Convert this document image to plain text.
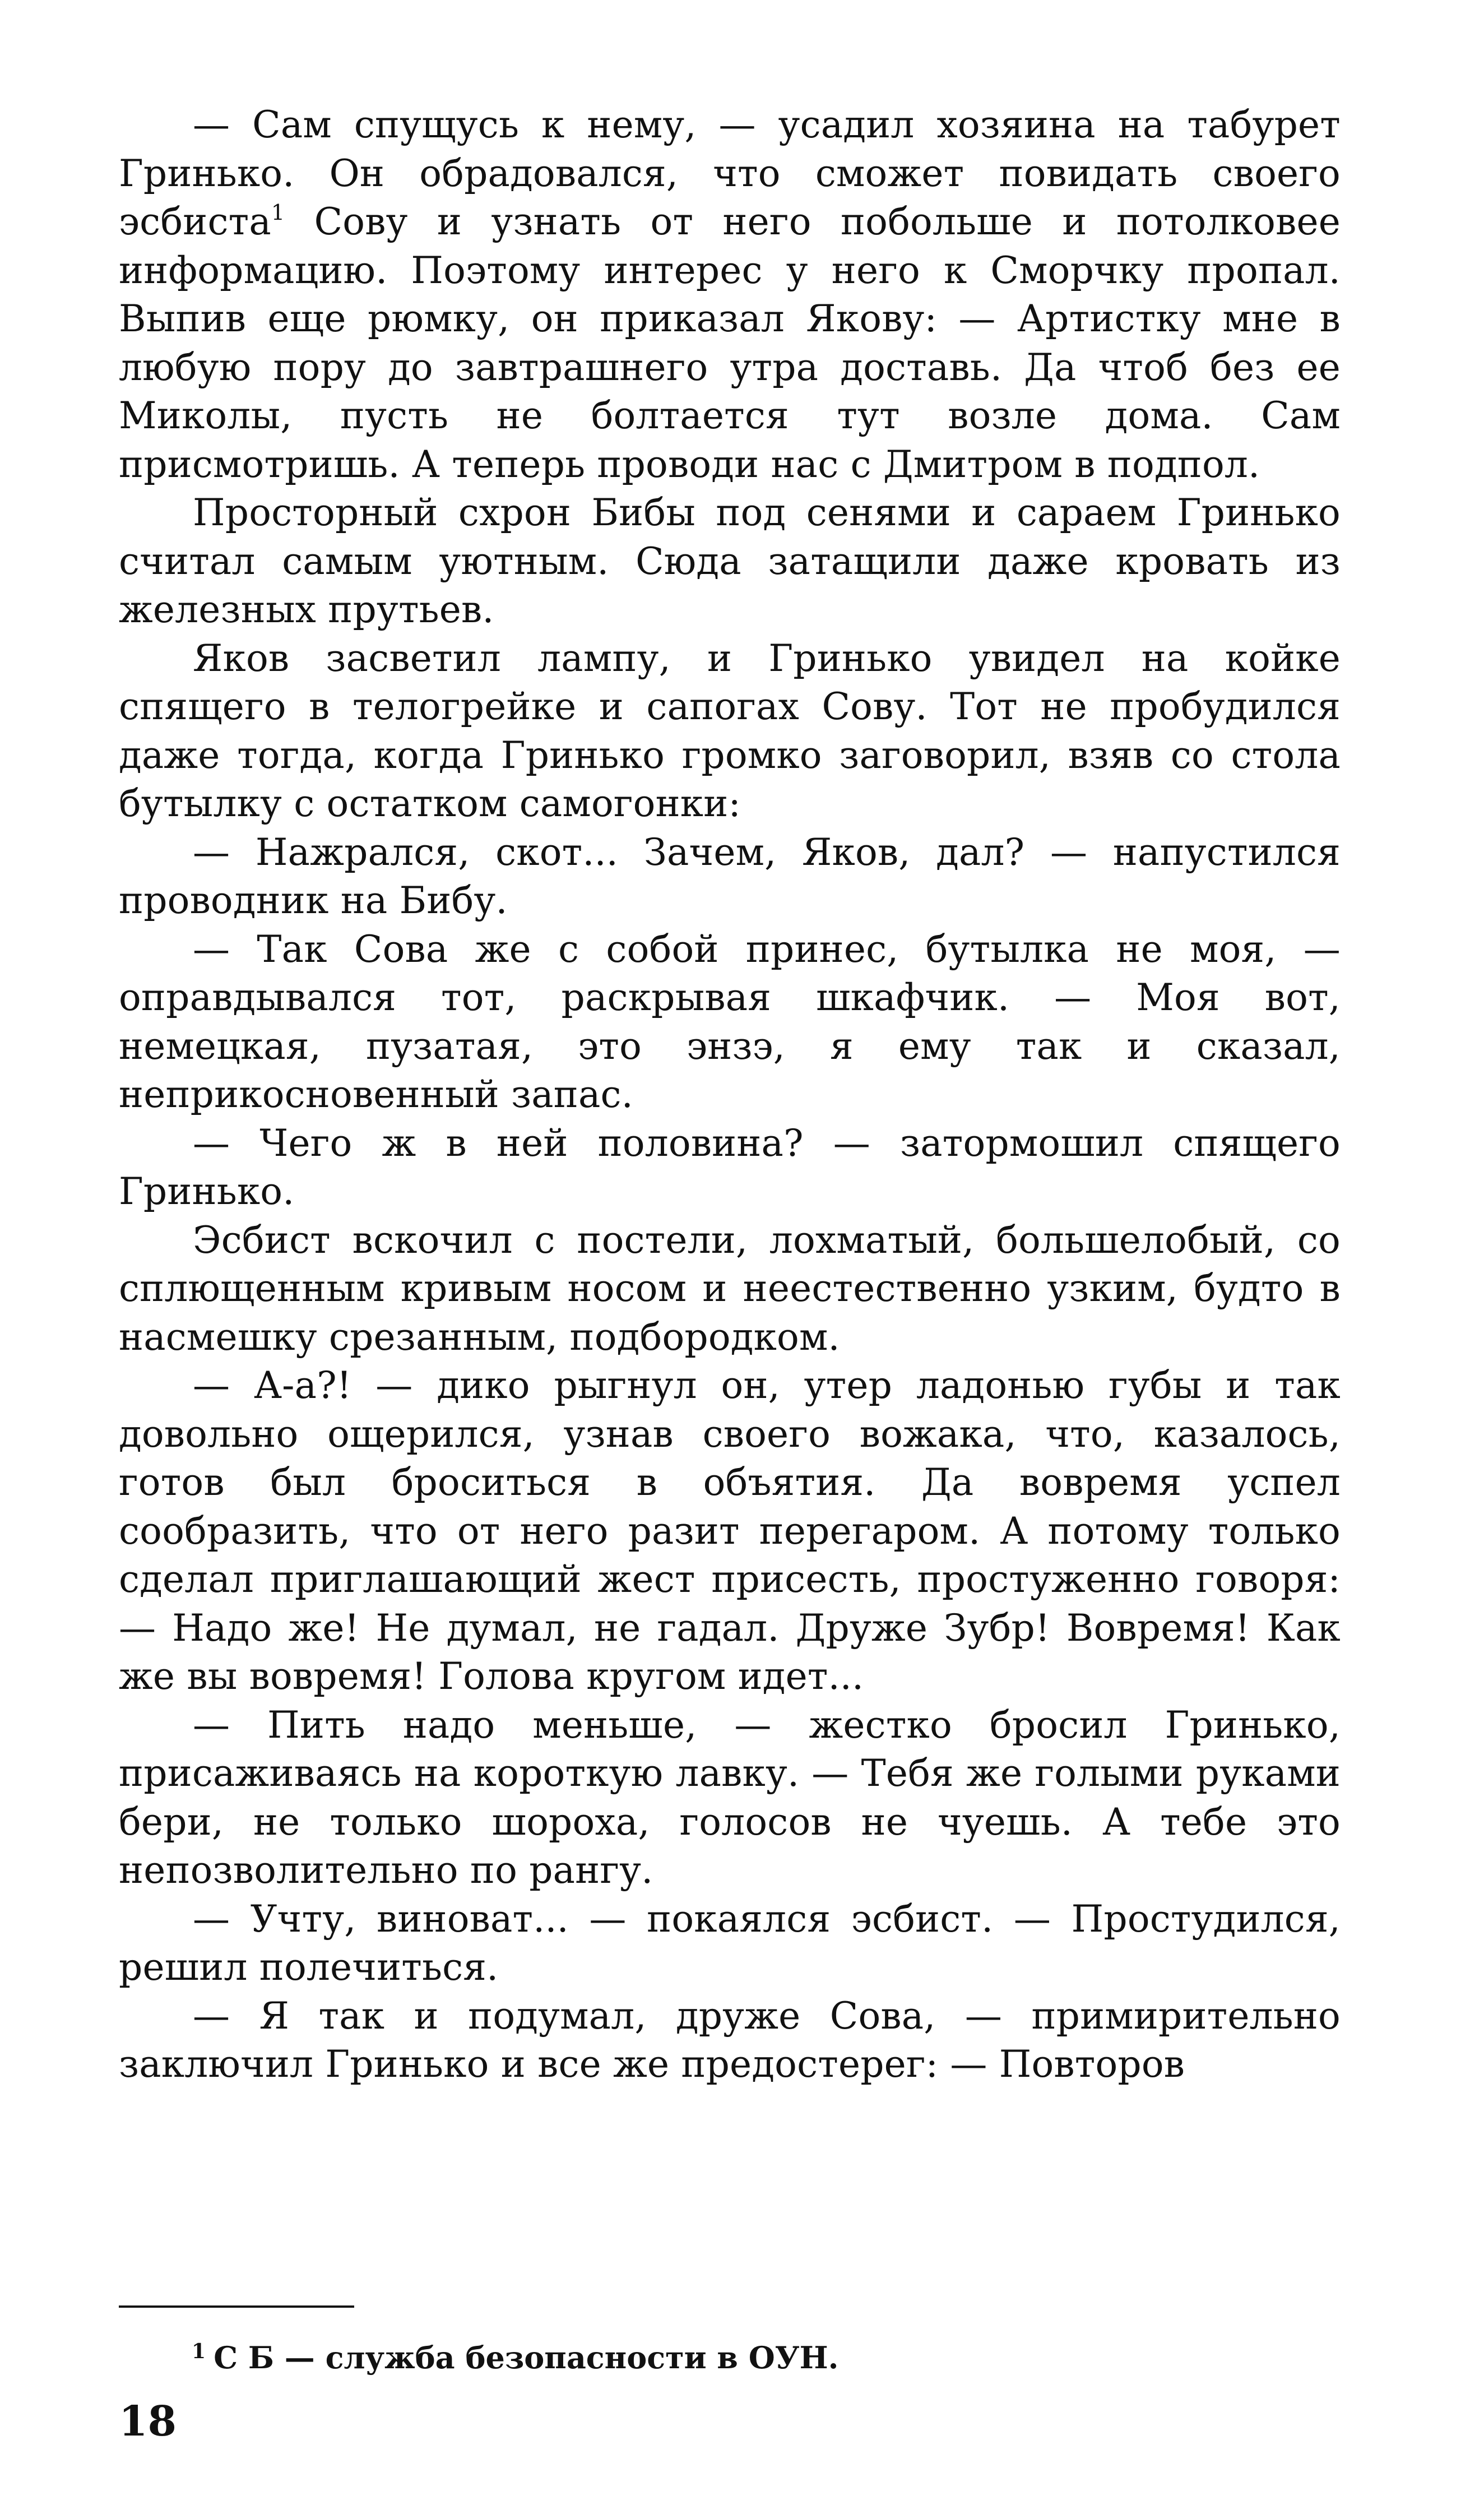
— Сам спущусь к нему, — усадил хозяина на табурет Гринько. Он обрадовался, что сможет повидать своего эсбиста$^1$ Сову и узнать от него побольше и потолковее информацию. Поэтому интерес у него к Сморчку пропал. Выпив еще рюмку, он приказал Якову: — Артистку мне в любую пору до завтрашнего утра доставь. Да чтоб без ее Миколы, пусть не болтается тут возле дома. Сам присмотришь. А теперь проводи нас с Дмитром в подпол.

Просторный схрон Бибы под сенями и сараем Гринько считал самым уютным. Сюда затащили даже кровать из железных прутьев.

Яков засветил лампу, и Гринько увидел на койке спящего в телогрейке и сапогах Сову. Тот не пробудился даже тогда, когда Гринько громко заговорил, взяв со стола бутылку с остатком самогонки:

— Нажрался, скот... Зачем, Яков, дал? — напустился проводник на Бибу.

— Так Сова же с собой принес, бутылка не моя, — оправдывался тот, раскрывая шкафчик. — Моя вот, немецкая, пузатая, это энзэ, я ему так и сказал, неприкосновенный запас.

— Чего ж в ней половина? — затормошил спящего Гринько.

Эсбист вскочил с постели, лохматый, большелобый, со сплющенным кривым носом и неестественно узким, будто в насмешку срезанным, подбородком.

— А-а?! — дико рыгнул он, утер ладонью губы и так довольно ощерился, узнав своего вожака, что, казалось, готов был броситься в объятия. Да вовремя успел сообразить, что от него разит перегаром. А потому только сделал приглашающий жест присесть, простуженно говоря: — Надо же! Не думал, не гадал. Друже Зубр! Вовремя! Как же вы вовремя! Голова кругом идет...

— Пить надо меньше, — жестко бросил Гринько, присаживаясь на короткую лавку. — Тебя же голыми руками бери, не только шороха, голосов не чуешь. А тебе это непозволительно по рангу.

— Учту, виноват... — покаялся эсбист. — Простудился, решил полечиться.

— Я так и подумал, друже Сова, — примирительно заключил Гринько и все же предостерег: — Повторов

$^1$ С Б — служба безопасности в ОУН.
18
